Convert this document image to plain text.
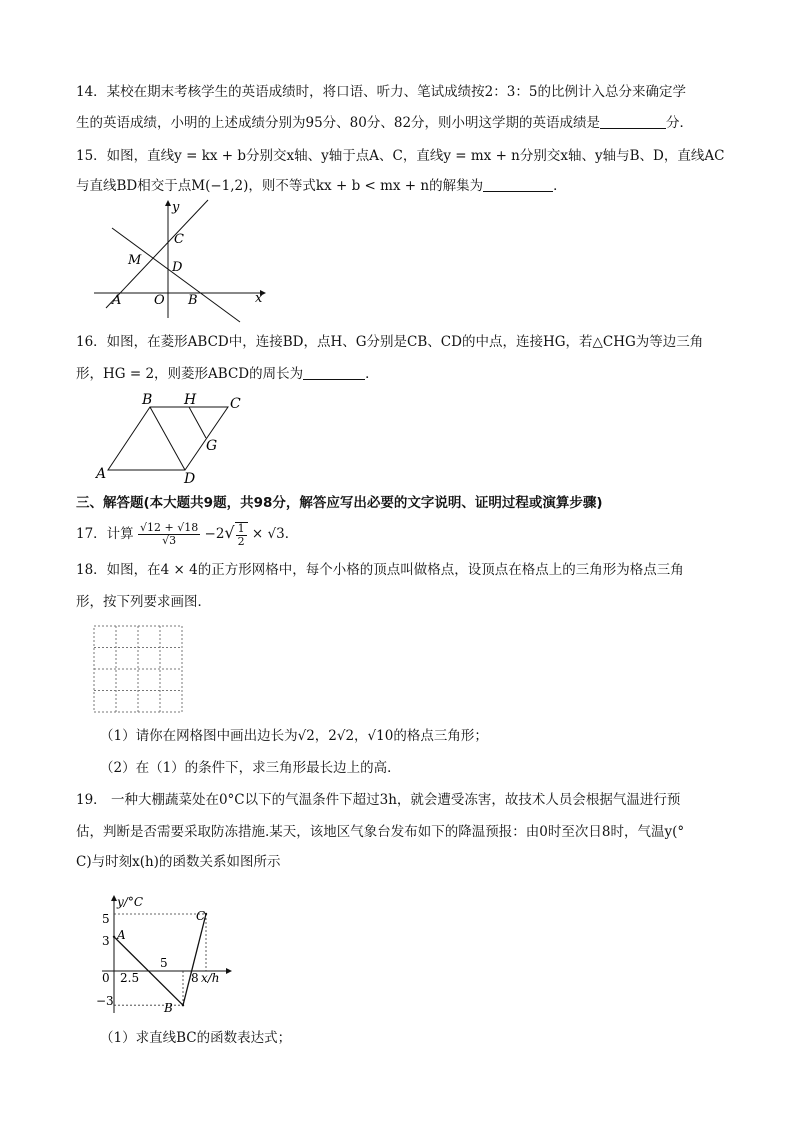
14．某校在期末考核学生的英语成绩时，将口语、听力、笔试成绩按2：3：5的比例计入总分来确定学
生的英语成绩，小明的上述成绩分别为95分、80分、82分，则小明这学期的英语成绩是	分．
15．如图，直线y = kx + b分别交x轴、y轴于点A、C，直线y = mx + n分别交x轴、y轴与B、D，直线AC
与直线BD相交于点M(−1,2)，则不等式kx + b < mx + n的解集为	．
y
x
C
M D
A	O B
16．如图，在菱形ABCD中，连接BD，点H、G分别是CB、CD的中点，连接HG，若△CHG为等边三角
形，HG = 2，则菱形ABCD的周长为	．
B H C
G
A	D
三、解答题(本大题共9题，共98分，解答应写出必要的文字说明、证明过程或演算步骤)
17．计算 $\frac{√12 + √18}{√3} -2√ \frac{1}{2} \times √3$．
18．如图，在4 × 4的正方形网格中，每个小格的顶点叫做格点，设顶点在格点上的三角形为格点三角
形，按下列要求画图．
（1）请你在网格图中画出边长为√2，2√2，√10的格点三角形；
（2）在（1）的条件下，求三角形最长边上的高．
19． 一种大棚蔬菜处在0°C以下的气温条件下超过3h，就会遭受冻害，故技术人员会根据气温进行预
估，判断是否需要采取防冻措施.某天，该地区气象台发布如下的降温预报：由0时至次日8时，气温y(°
C)与时刻x(h)的函数关系如图所示
y/°C
x/h
5
3
0
−3
2.5
5
8
A
B
C
（1）求直线BC的函数表达式；
